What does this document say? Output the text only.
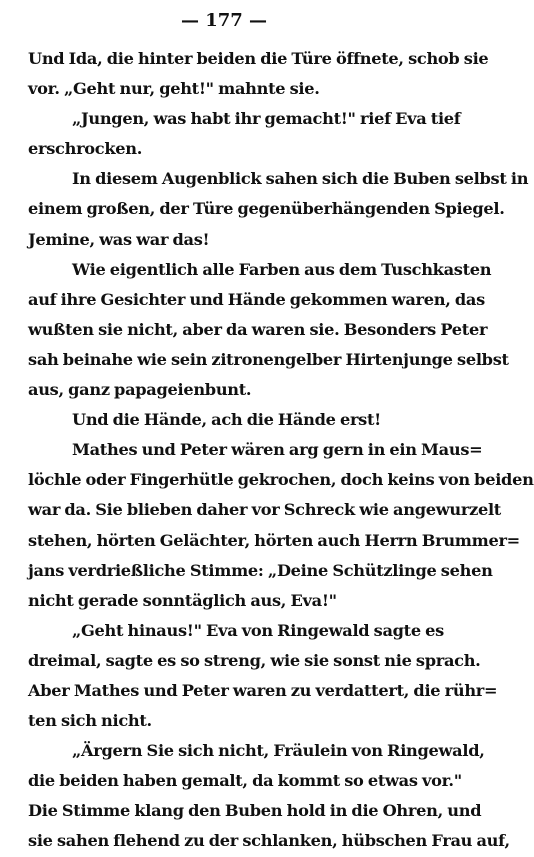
— 177 —
Und Ida, die hinter beiden die Türe öffnete, schob sie
vor. „Geht nur, geht!" mahnte sie.
„Jungen, was habt ihr gemacht!" rief Eva tief
erschrocken.
In diesem Augenblick sahen sich die Buben selbst in
einem großen, der Türe gegenüberhängenden Spiegel.
Jemine, was war das!
Wie eigentlich alle Farben aus dem Tuschkasten
auf ihre Gesichter und Hände gekommen waren, das
wußten sie nicht, aber da waren sie. Besonders Peter
sah beinahe wie sein zitronengelber Hirtenjunge selbst
aus, ganz papageienbunt.
Und die Hände, ach die Hände erst!
Mathes und Peter wären arg gern in ein Maus=
löchle oder Fingerhütle gekrochen, doch keins von beiden
war da. Sie blieben daher vor Schreck wie angewurzelt
stehen, hörten Gelächter, hörten auch Herrn Brummer=
jans verdrießliche Stimme: „Deine Schützlinge sehen
nicht gerade sonntäglich aus, Eva!"
„Geht hinaus!" Eva von Ringewald sagte es
dreimal, sagte es so streng, wie sie sonst nie sprach.
Aber Mathes und Peter waren zu verdattert, die rühr=
ten sich nicht.
„Ärgern Sie sich nicht, Fräulein von Ringewald,
die beiden haben gemalt, da kommt so etwas vor."
Die Stimme klang den Buben hold in die Ohren, und
sie sahen flehend zu der schlanken, hübschen Frau auf,
